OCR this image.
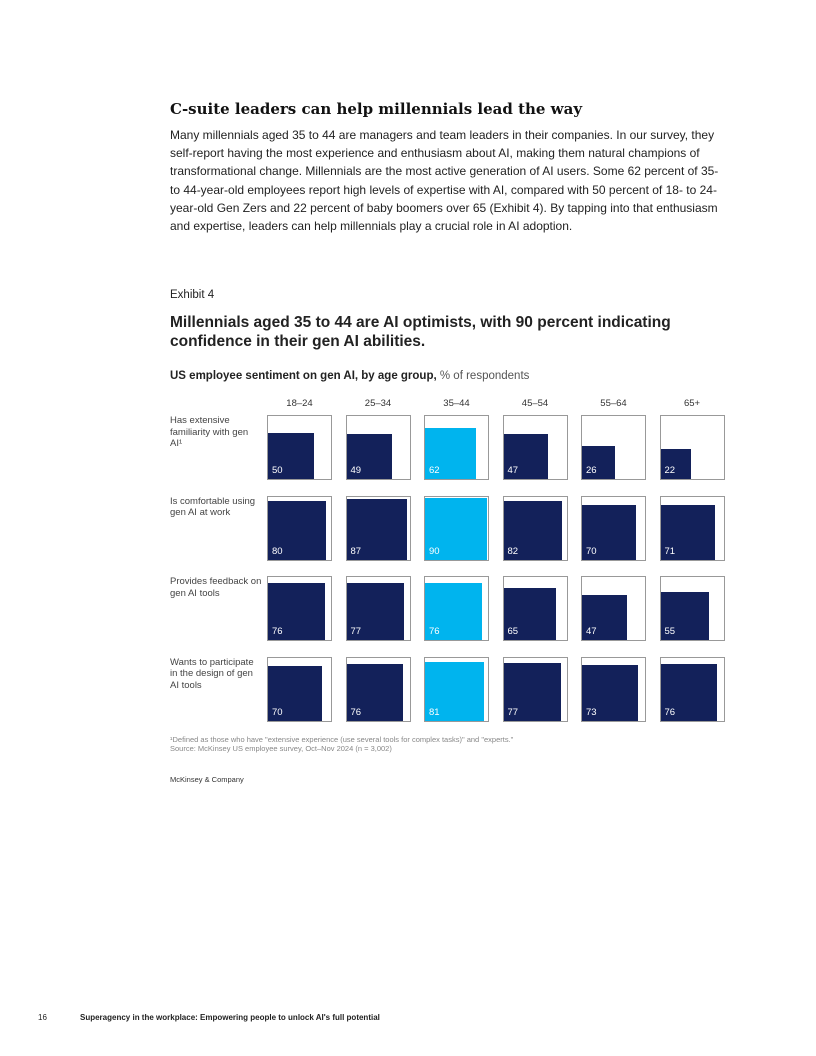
C-suite leaders can help millennials lead the way
Many millennials aged 35 to 44 are managers and team leaders in their companies. In our survey, they self-report having the most experience and enthusiasm about AI, making them natural champions of transformational change. Millennials are the most active generation of AI users. Some 62 percent of 35- to 44-year-old employees report high levels of expertise with AI, compared with 50 percent of 18- to 24-year-old Gen Zers and 22 percent of baby boomers over 65 (Exhibit 4). By tapping into that enthusiasm and expertise, leaders can help millennials play a crucial role in AI adoption.
Exhibit 4
Millennials aged 35 to 44 are AI optimists, with 90 percent indicating confidence in their gen AI abilities.
US employee sentiment on gen AI, by age group, % of respondents
18–24	25–34	35–44	45–54	55–64	65+
Has extensive familiarity with gen AI¹
50	49	62	47	26	22
Is comfortable using gen AI at work
80	87	90	82	70	71
Provides feedback on gen AI tools
76	77	76	65	47	55
Wants to participate in the design of gen AI tools
70	76	81	77	73	76
¹Defined as those who have "extensive experience (use several tools for complex tasks)" and "experts."
Source: McKinsey US employee survey, Oct–Nov 2024 (n = 3,002)
McKinsey & Company
16	Superagency in the workplace: Empowering people to unlock AI's full potential
